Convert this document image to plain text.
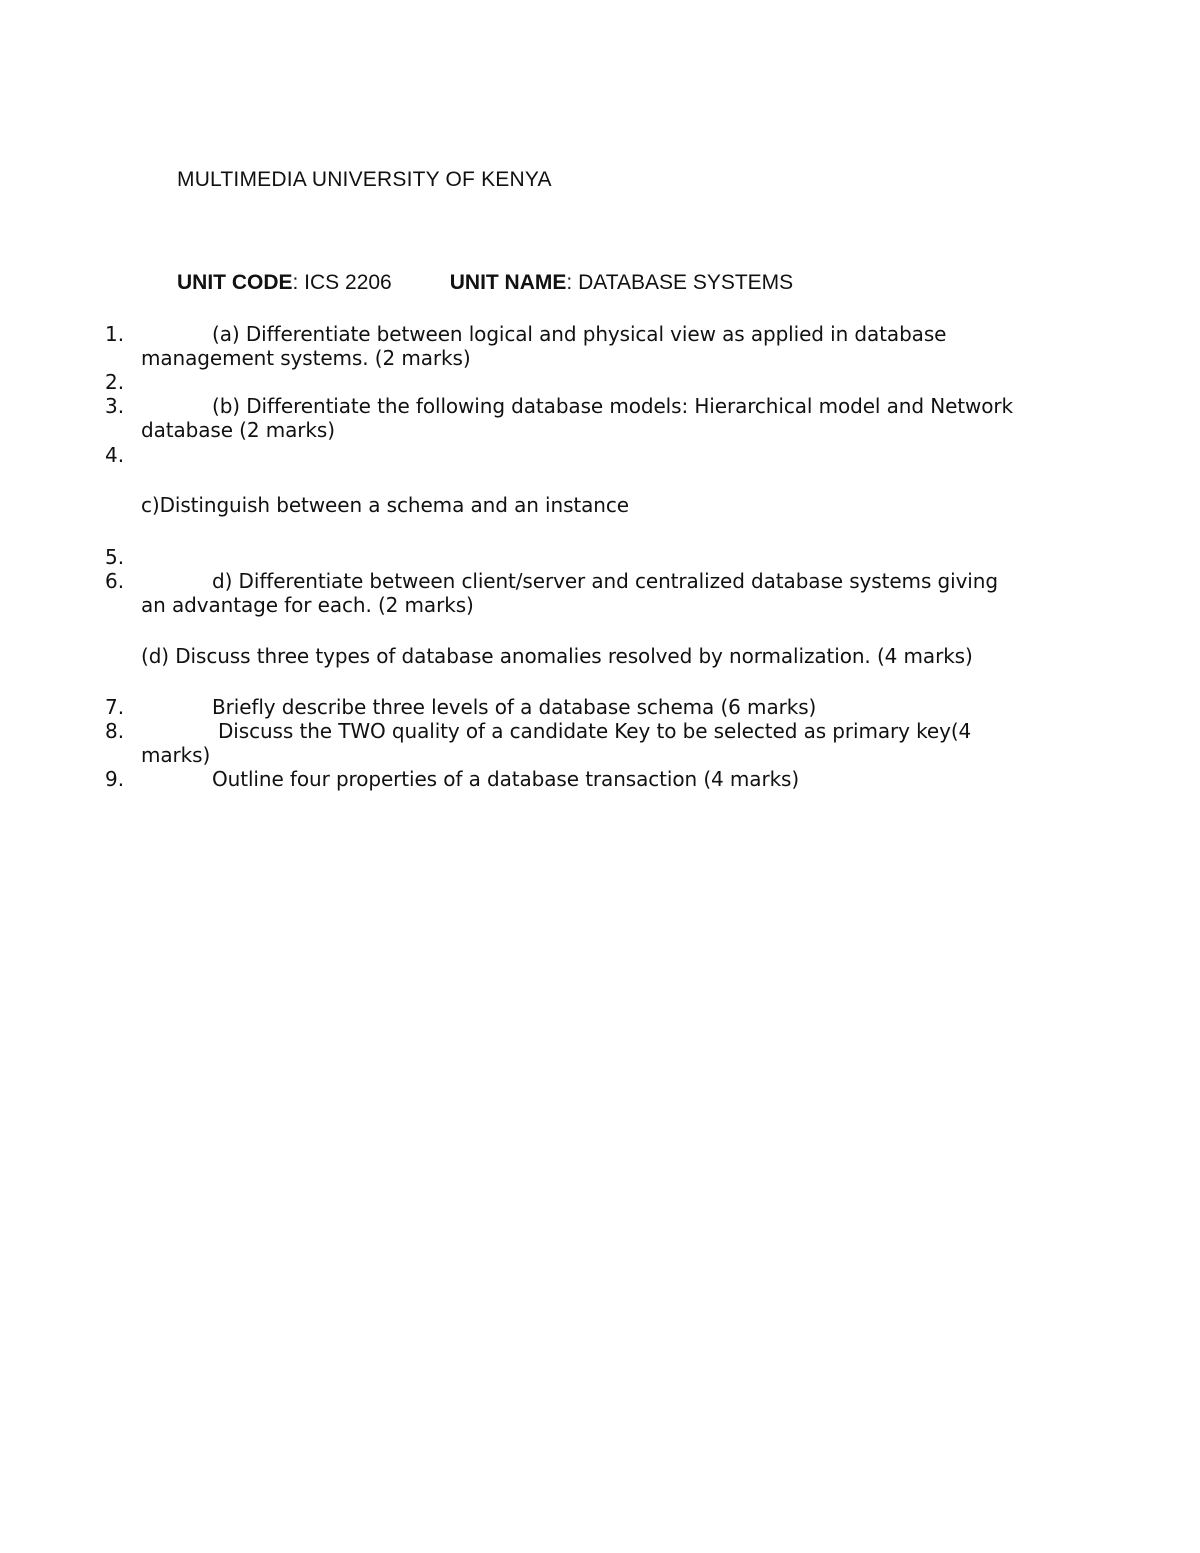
MULTIMEDIA UNIVERSITY OF KENYA
UNIT CODE: ICS 2206	UNIT NAME: DATABASE SYSTEMS
1.	(a) Differentiate between logical and physical view as applied in database
management systems. (2 marks)
2.
3.	(b) Differentiate the following database models: Hierarchical model and Network
database (2 marks)
4.
c)Distinguish between a schema and an instance
5.
6.	d) Differentiate between client/server and centralized database systems giving
an advantage for each. (2 marks)
(d) Discuss three types of database anomalies resolved by normalization. (4 marks)
7.	Briefly describe three levels of a database schema (6 marks)
8.	Discuss the TWO quality of a candidate Key to be selected as primary key(4
marks)
9.	Outline four properties of a database transaction (4 marks)
